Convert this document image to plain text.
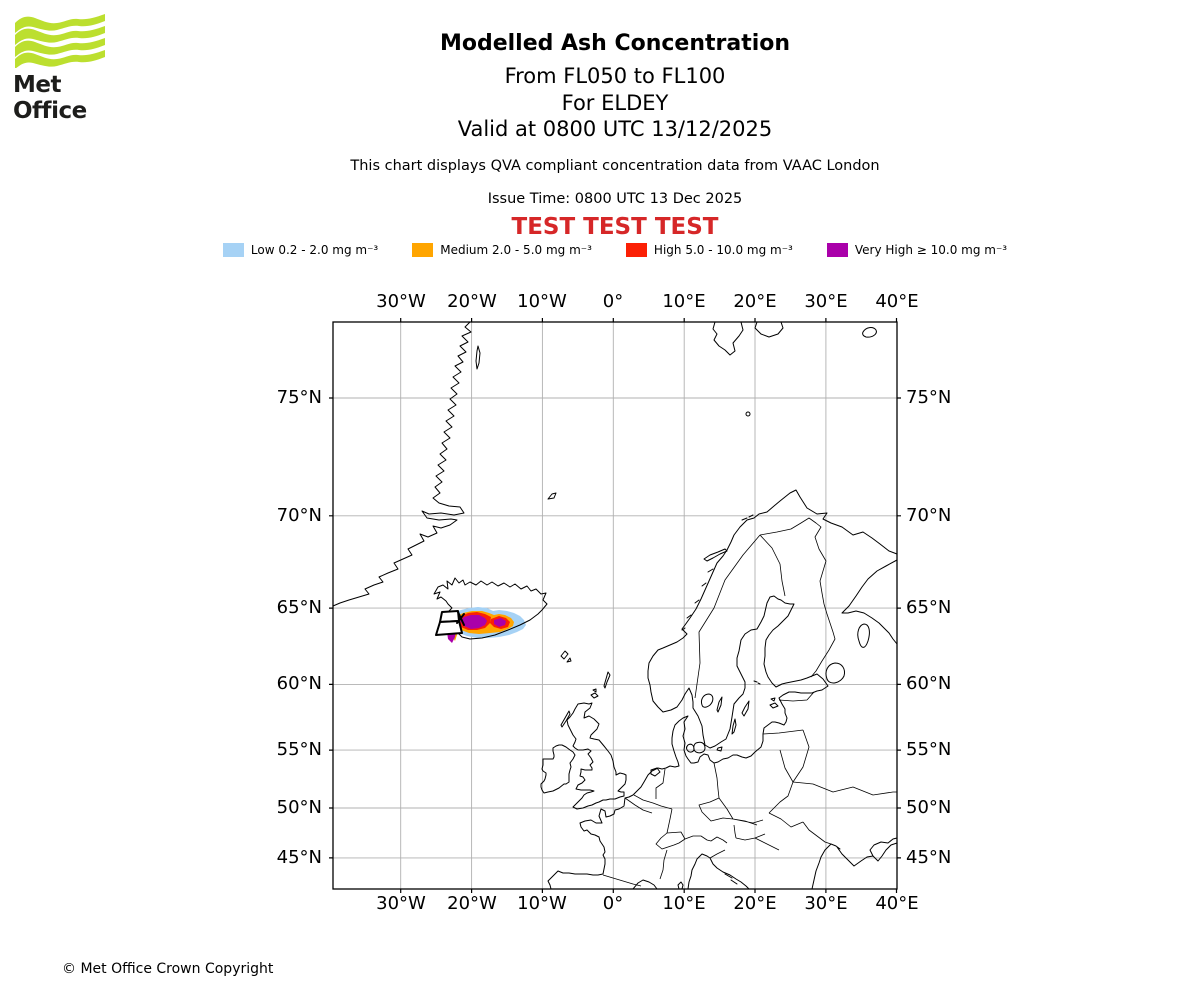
Met Office
Modelled Ash Concentration
From FL050 to FL100
For ELDEY
Valid at 0800 UTC 13/12/2025
This chart displays QVA compliant concentration data from VAAC London
Issue Time: 0800 UTC 13 Dec 2025
TEST TEST TEST
Low 0.2 - 2.0 mg m⁻³	Medium 2.0 - 5.0 mg m⁻³	High 5.0 - 10.0 mg m⁻³	Very High ≥ 10.0 mg m⁻³
30°W	20°W	10°W	0°	10°E	20°E	30°E	40°E
30°W	20°W	10°W	0°	10°E	20°E	30°E	40°E
75°N
70°N
65°N
60°N
55°N
50°N
45°N
75°N
70°N
65°N
60°N
55°N
50°N
45°N
© Met Office Crown Copyright
